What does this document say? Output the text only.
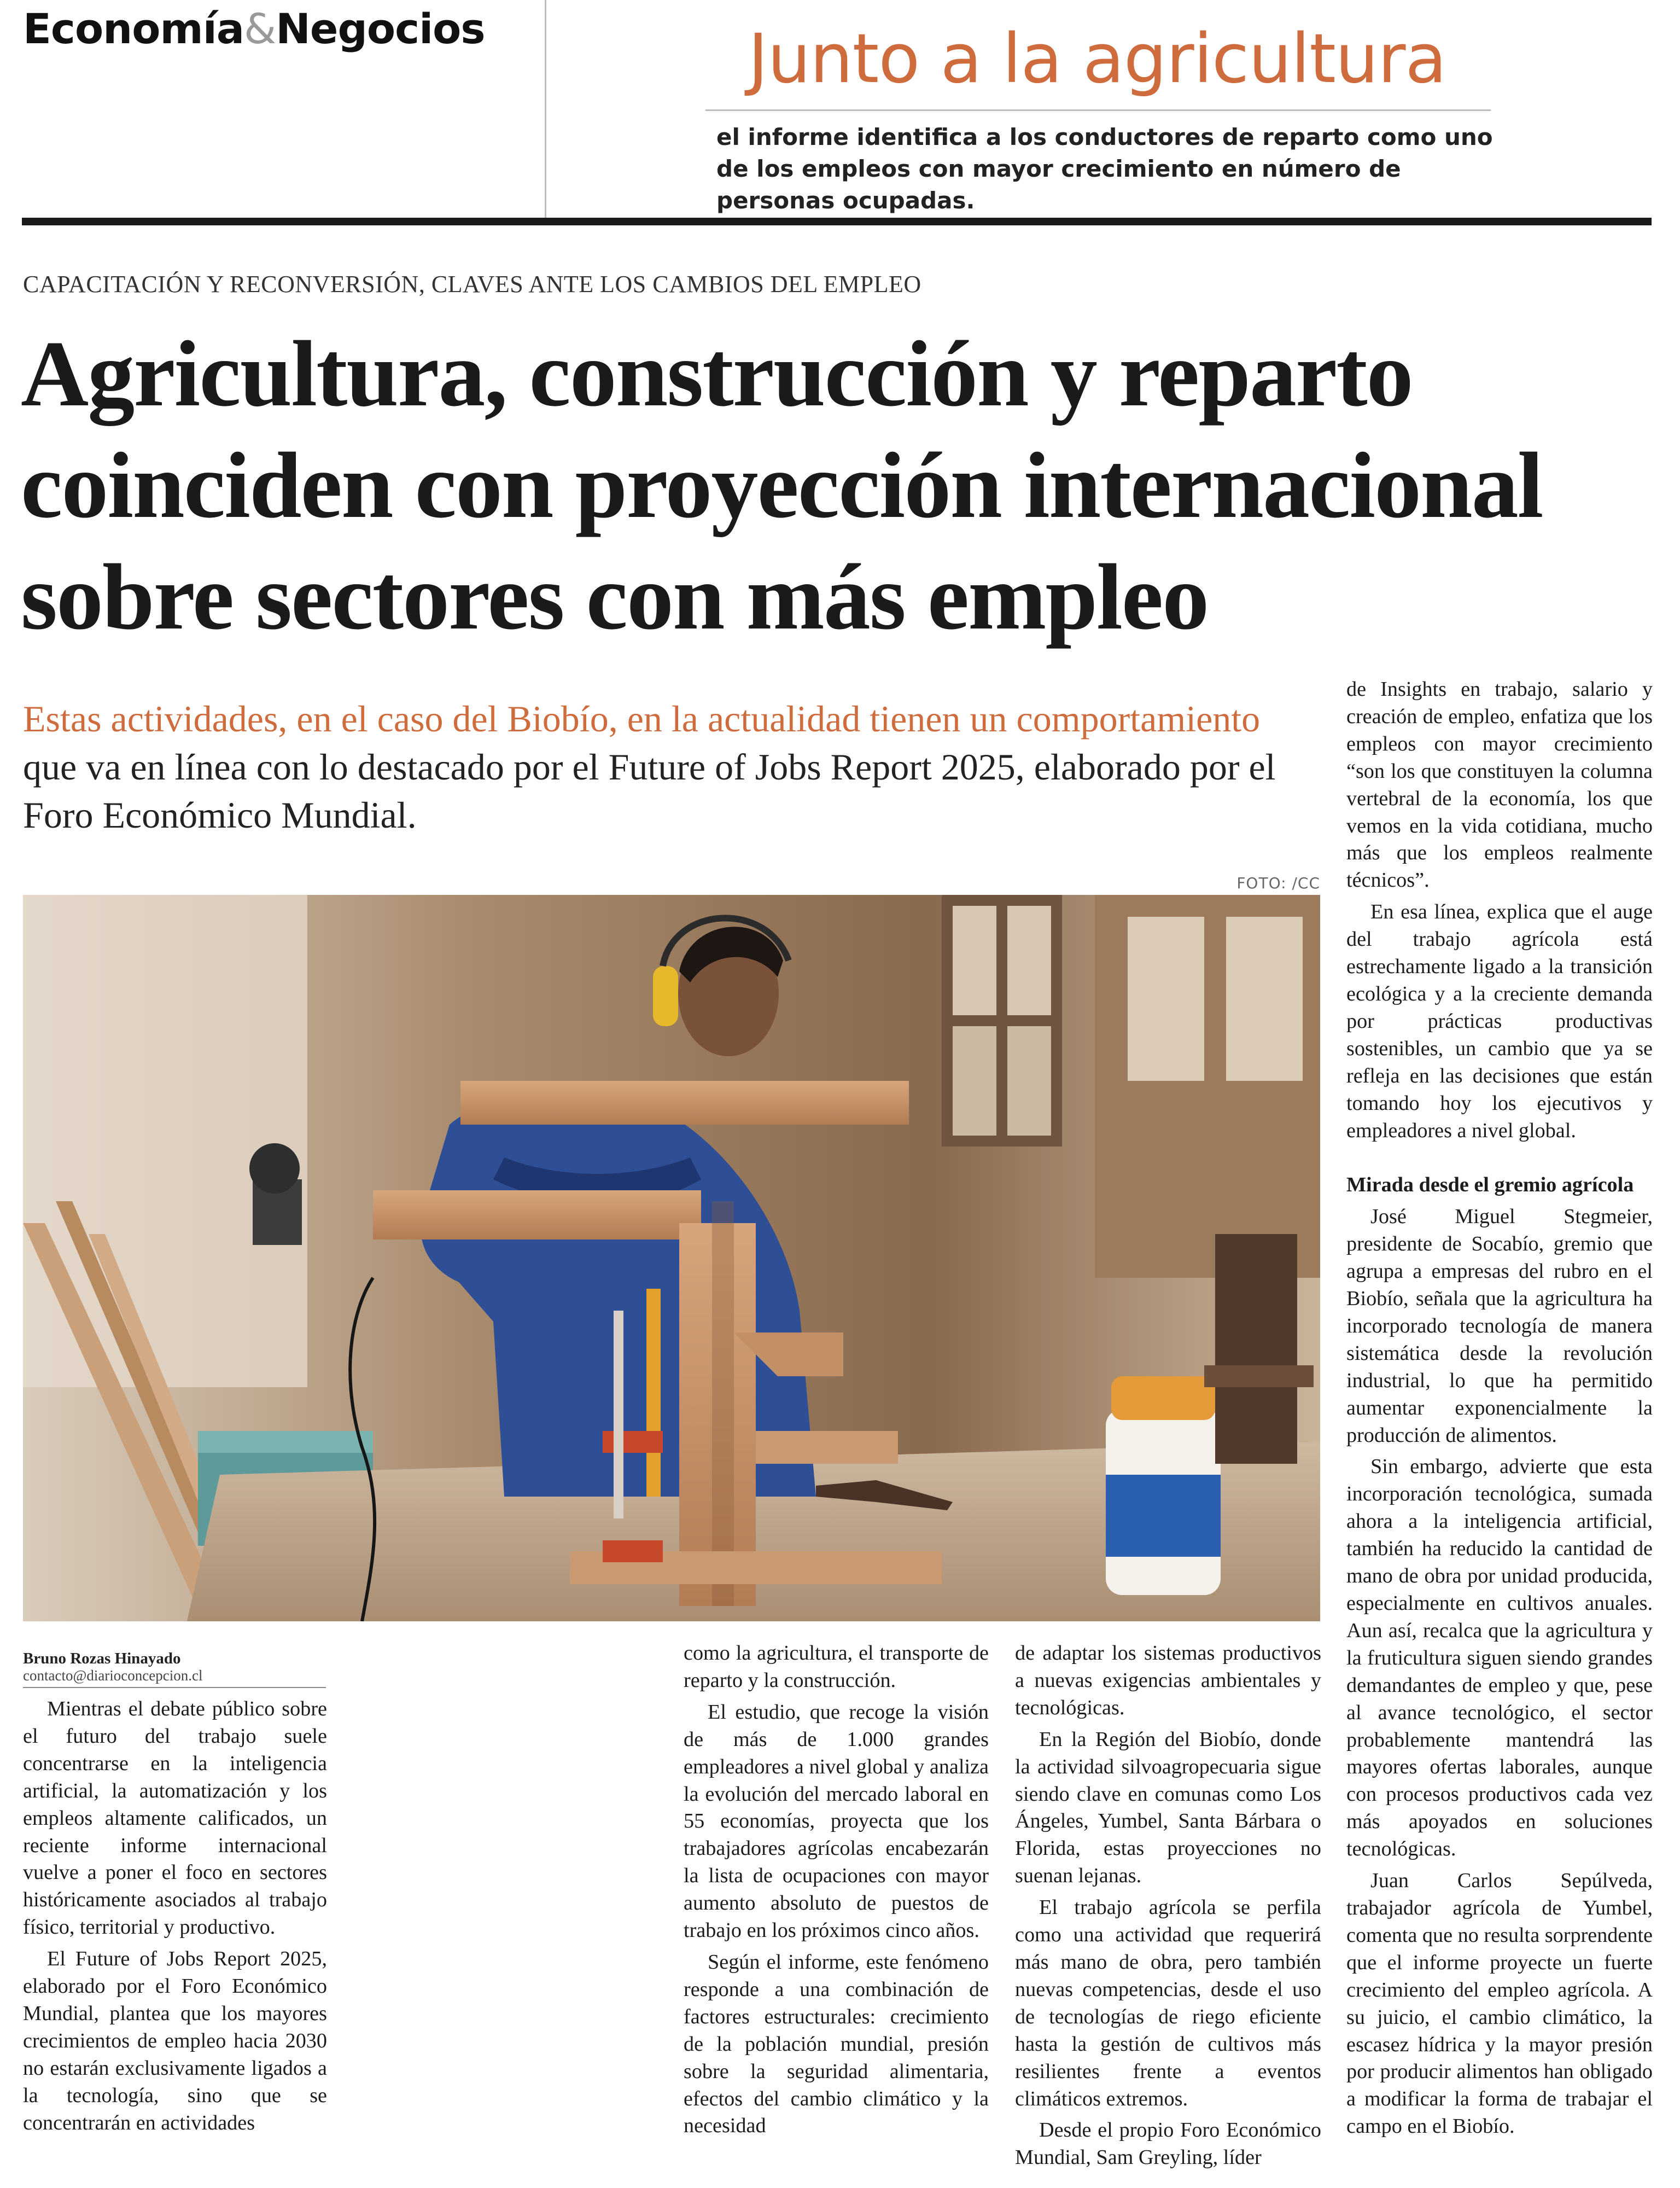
Economía&Negocios	Junto a la agricultura
el informe identifica a los conductores de reparto como uno de los empleos con mayor crecimiento en número de personas ocupadas.
CAPACITACIÓN Y RECONVERSIÓN, CLAVES ANTE LOS CAMBIOS DEL EMPLEO
Agricultura, construcción y reparto
coinciden con proyección internacional
sobre sectores con más empleo

Estas actividades, en el caso del Biobío, en la actualidad tienen un comportamiento que va en línea con lo destacado por el Future of Jobs Report 2025, elaborado por el Foro Económico Mundial.

FOTO: /CC
Bruno Rozas Hinayado
contacto@diarioconcepcion.cl

Mientras el debate público sobre el futuro del trabajo suele concentrarse en la inteligencia artificial, la automatización y los empleos altamente calificados, un reciente informe internacional vuelve a poner el foco en sectores históricamente asociados al trabajo físico, territorial y productivo.

El Future of Jobs Report 2025, elaborado por el Foro Económico Mundial, plantea que los mayores crecimientos de empleo hacia 2030 no estarán exclusivamente ligados a la tecnología, sino que se concentrarán en actividades

como la agricultura, el transporte de reparto y la construcción.

El estudio, que recoge la visión de más de 1.000 grandes empleadores a nivel global y analiza la evolución del mercado laboral en 55 economías, proyecta que los trabajadores agrícolas encabezarán la lista de ocupaciones con mayor aumento absoluto de puestos de trabajo en los próximos cinco años.

Según el informe, este fenómeno responde a una combinación de factores estructurales: crecimiento de la población mundial, presión sobre la seguridad alimentaria, efectos del cambio climático y la necesidad

de adaptar los sistemas productivos a nuevas exigencias ambientales y tecnológicas.

En la Región del Biobío, donde la actividad silvoagropecuaria sigue siendo clave en comunas como Los Ángeles, Yumbel, Santa Bárbara o Florida, estas proyecciones no suenan lejanas.

El trabajo agrícola se perfila como una actividad que requerirá más mano de obra, pero también nuevas competencias, desde el uso de tecnologías de riego eficiente hasta la gestión de cultivos más resilientes frente a eventos climáticos extremos.

Desde el propio Foro Económico Mundial, Sam Greyling, líder

de Insights en trabajo, salario y creación de empleo, enfatiza que los empleos con mayor crecimiento “son los que constituyen la columna vertebral de la economía, los que vemos en la vida cotidiana, mucho más que los empleos realmente técnicos”.

En esa línea, explica que el auge del trabajo agrícola está estrechamente ligado a la transición ecológica y a la creciente demanda por prácticas productivas sostenibles, un cambio que ya se refleja en las decisiones que están tomando hoy los ejecutivos y empleadores a nivel global.

Mirada desde el gremio agrícola

José Miguel Stegmeier, presidente de Socabío, gremio que agrupa a empresas del rubro en el Biobío, señala que la agricultura ha incorporado tecnología de manera sistemática desde la revolución industrial, lo que ha permitido aumentar exponencialmente la producción de alimentos.

Sin embargo, advierte que esta incorporación tecnológica, sumada ahora a la inteligencia artificial, también ha reducido la cantidad de mano de obra por unidad producida, especialmente en cultivos anuales. Aun así, recalca que la agricultura y la fruticultura siguen siendo grandes demandantes de empleo y que, pese al avance tecnológico, el sector probablemente mantendrá las mayores ofertas laborales, aunque con procesos productivos cada vez más apoyados en soluciones tecnológicas.

Juan Carlos Sepúlveda, trabajador agrícola de Yumbel, comenta que no resulta sorprendente que el informe proyecte un fuerte crecimiento del empleo agrícola. A su juicio, el cambio climático, la escasez hídrica y la mayor presión por producir alimentos han obligado a modificar la forma de trabajar el campo en el Biobío.
